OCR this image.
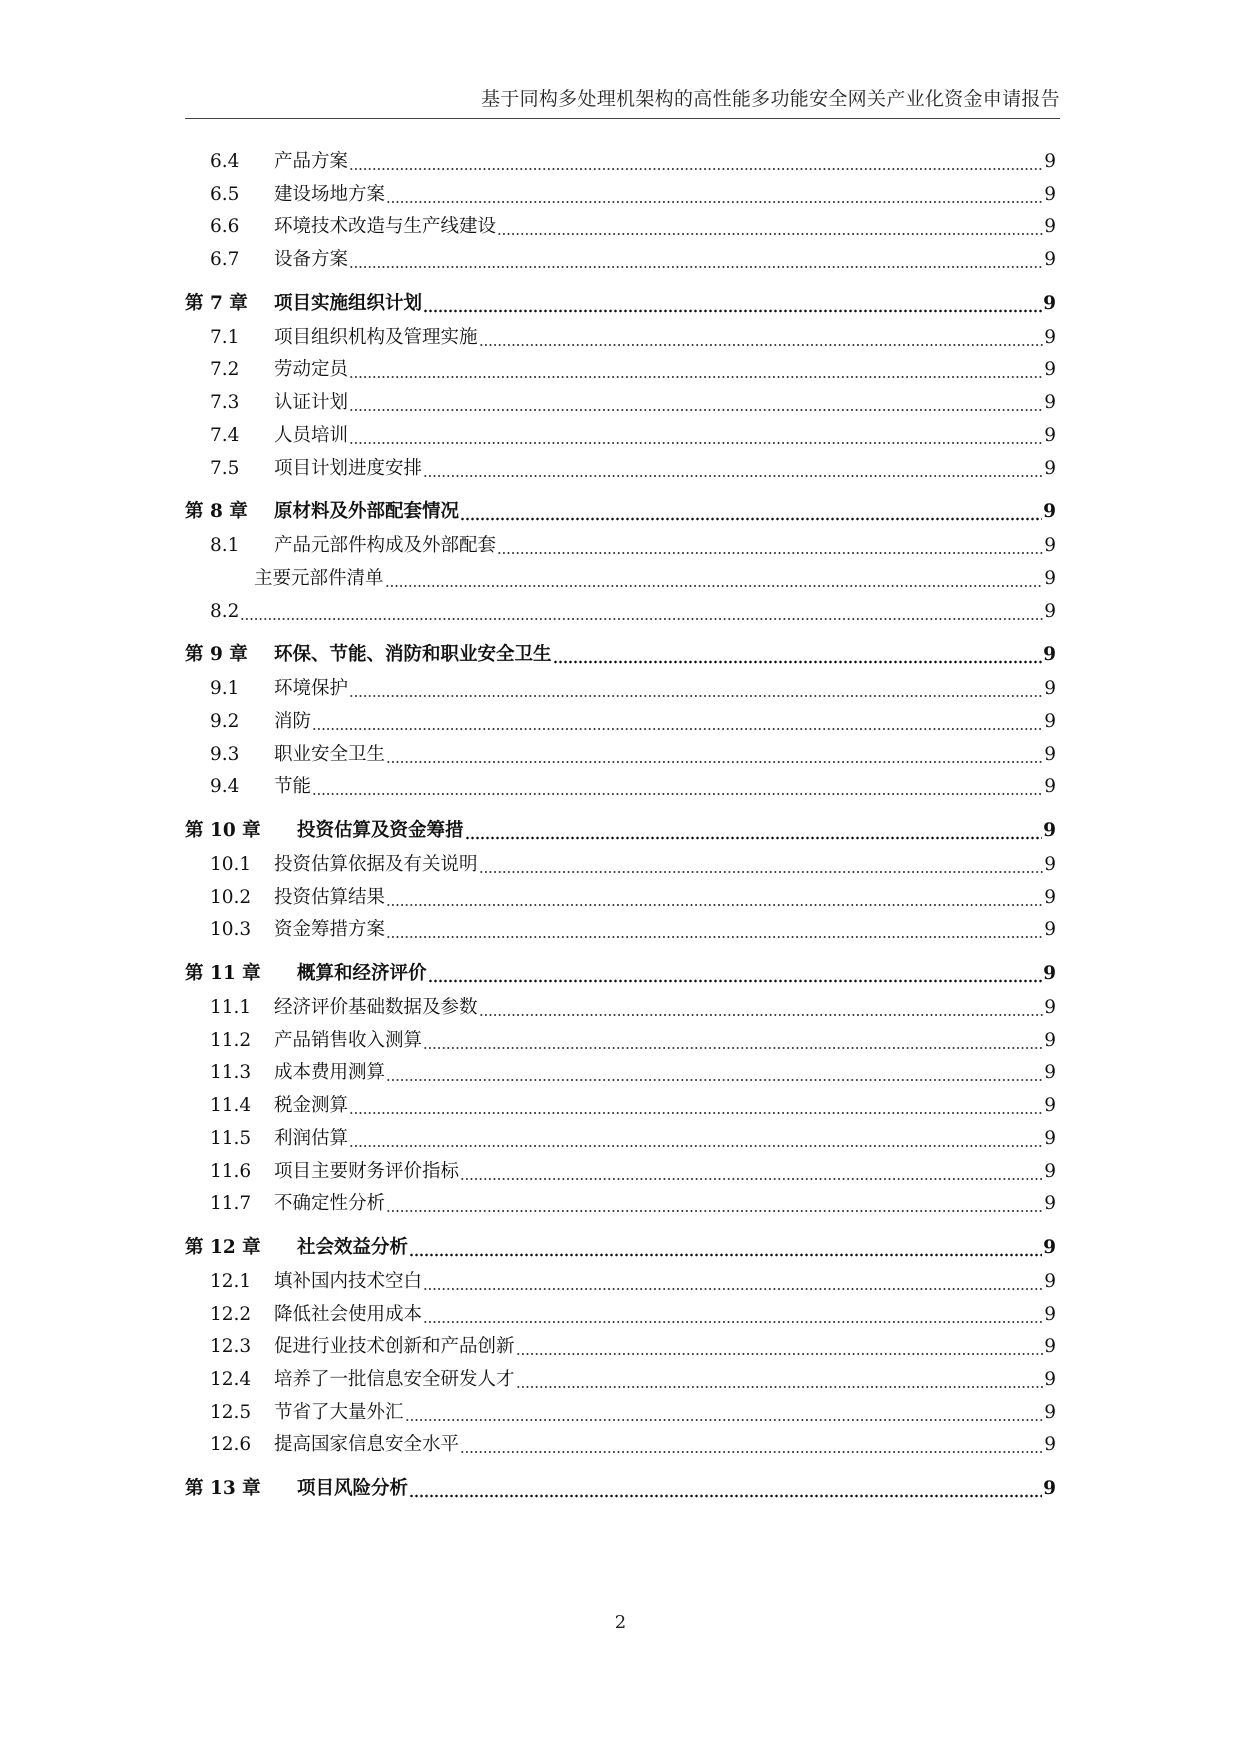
基于同构多处理机架构的高性能多功能安全网关产业化资金申请报告
6.4	产品方案	9
6.5	建设场地方案	9
6.6	环境技术改造与生产线建设	9
6.7	设备方案	9
第 7 章	项目实施组织计划	9
7.1	项目组织机构及管理实施	9
7.2	劳动定员	9
7.3	认证计划	9
7.4	人员培训	9
7.5	项目计划进度安排	9
第 8 章	原材料及外部配套情况	9
8.1	产品元部件构成及外部配套	9
主要元部件清单	9
8.2	9
第 9 章	环保、节能、消防和职业安全卫生	9
9.1	环境保护	9
9.2	消防	9
9.3	职业安全卫生	9
9.4	节能	9
第 10 章	投资估算及资金筹措	9
10.1	投资估算依据及有关说明	9
10.2	投资估算结果	9
10.3	资金筹措方案	9
第 11 章	概算和经济评价	9
11.1	经济评价基础数据及参数	9
11.2	产品销售收入测算	9
11.3	成本费用测算	9
11.4	税金测算	9
11.5	利润估算	9
11.6	项目主要财务评价指标	9
11.7	不确定性分析	9
第 12 章	社会效益分析	9
12.1	填补国内技术空白	9
12.2	降低社会使用成本	9
12.3	促进行业技术创新和产品创新	9
12.4	培养了一批信息安全研发人才	9
12.5	节省了大量外汇	9
12.6	提高国家信息安全水平	9
第 13 章	项目风险分析	9
2
